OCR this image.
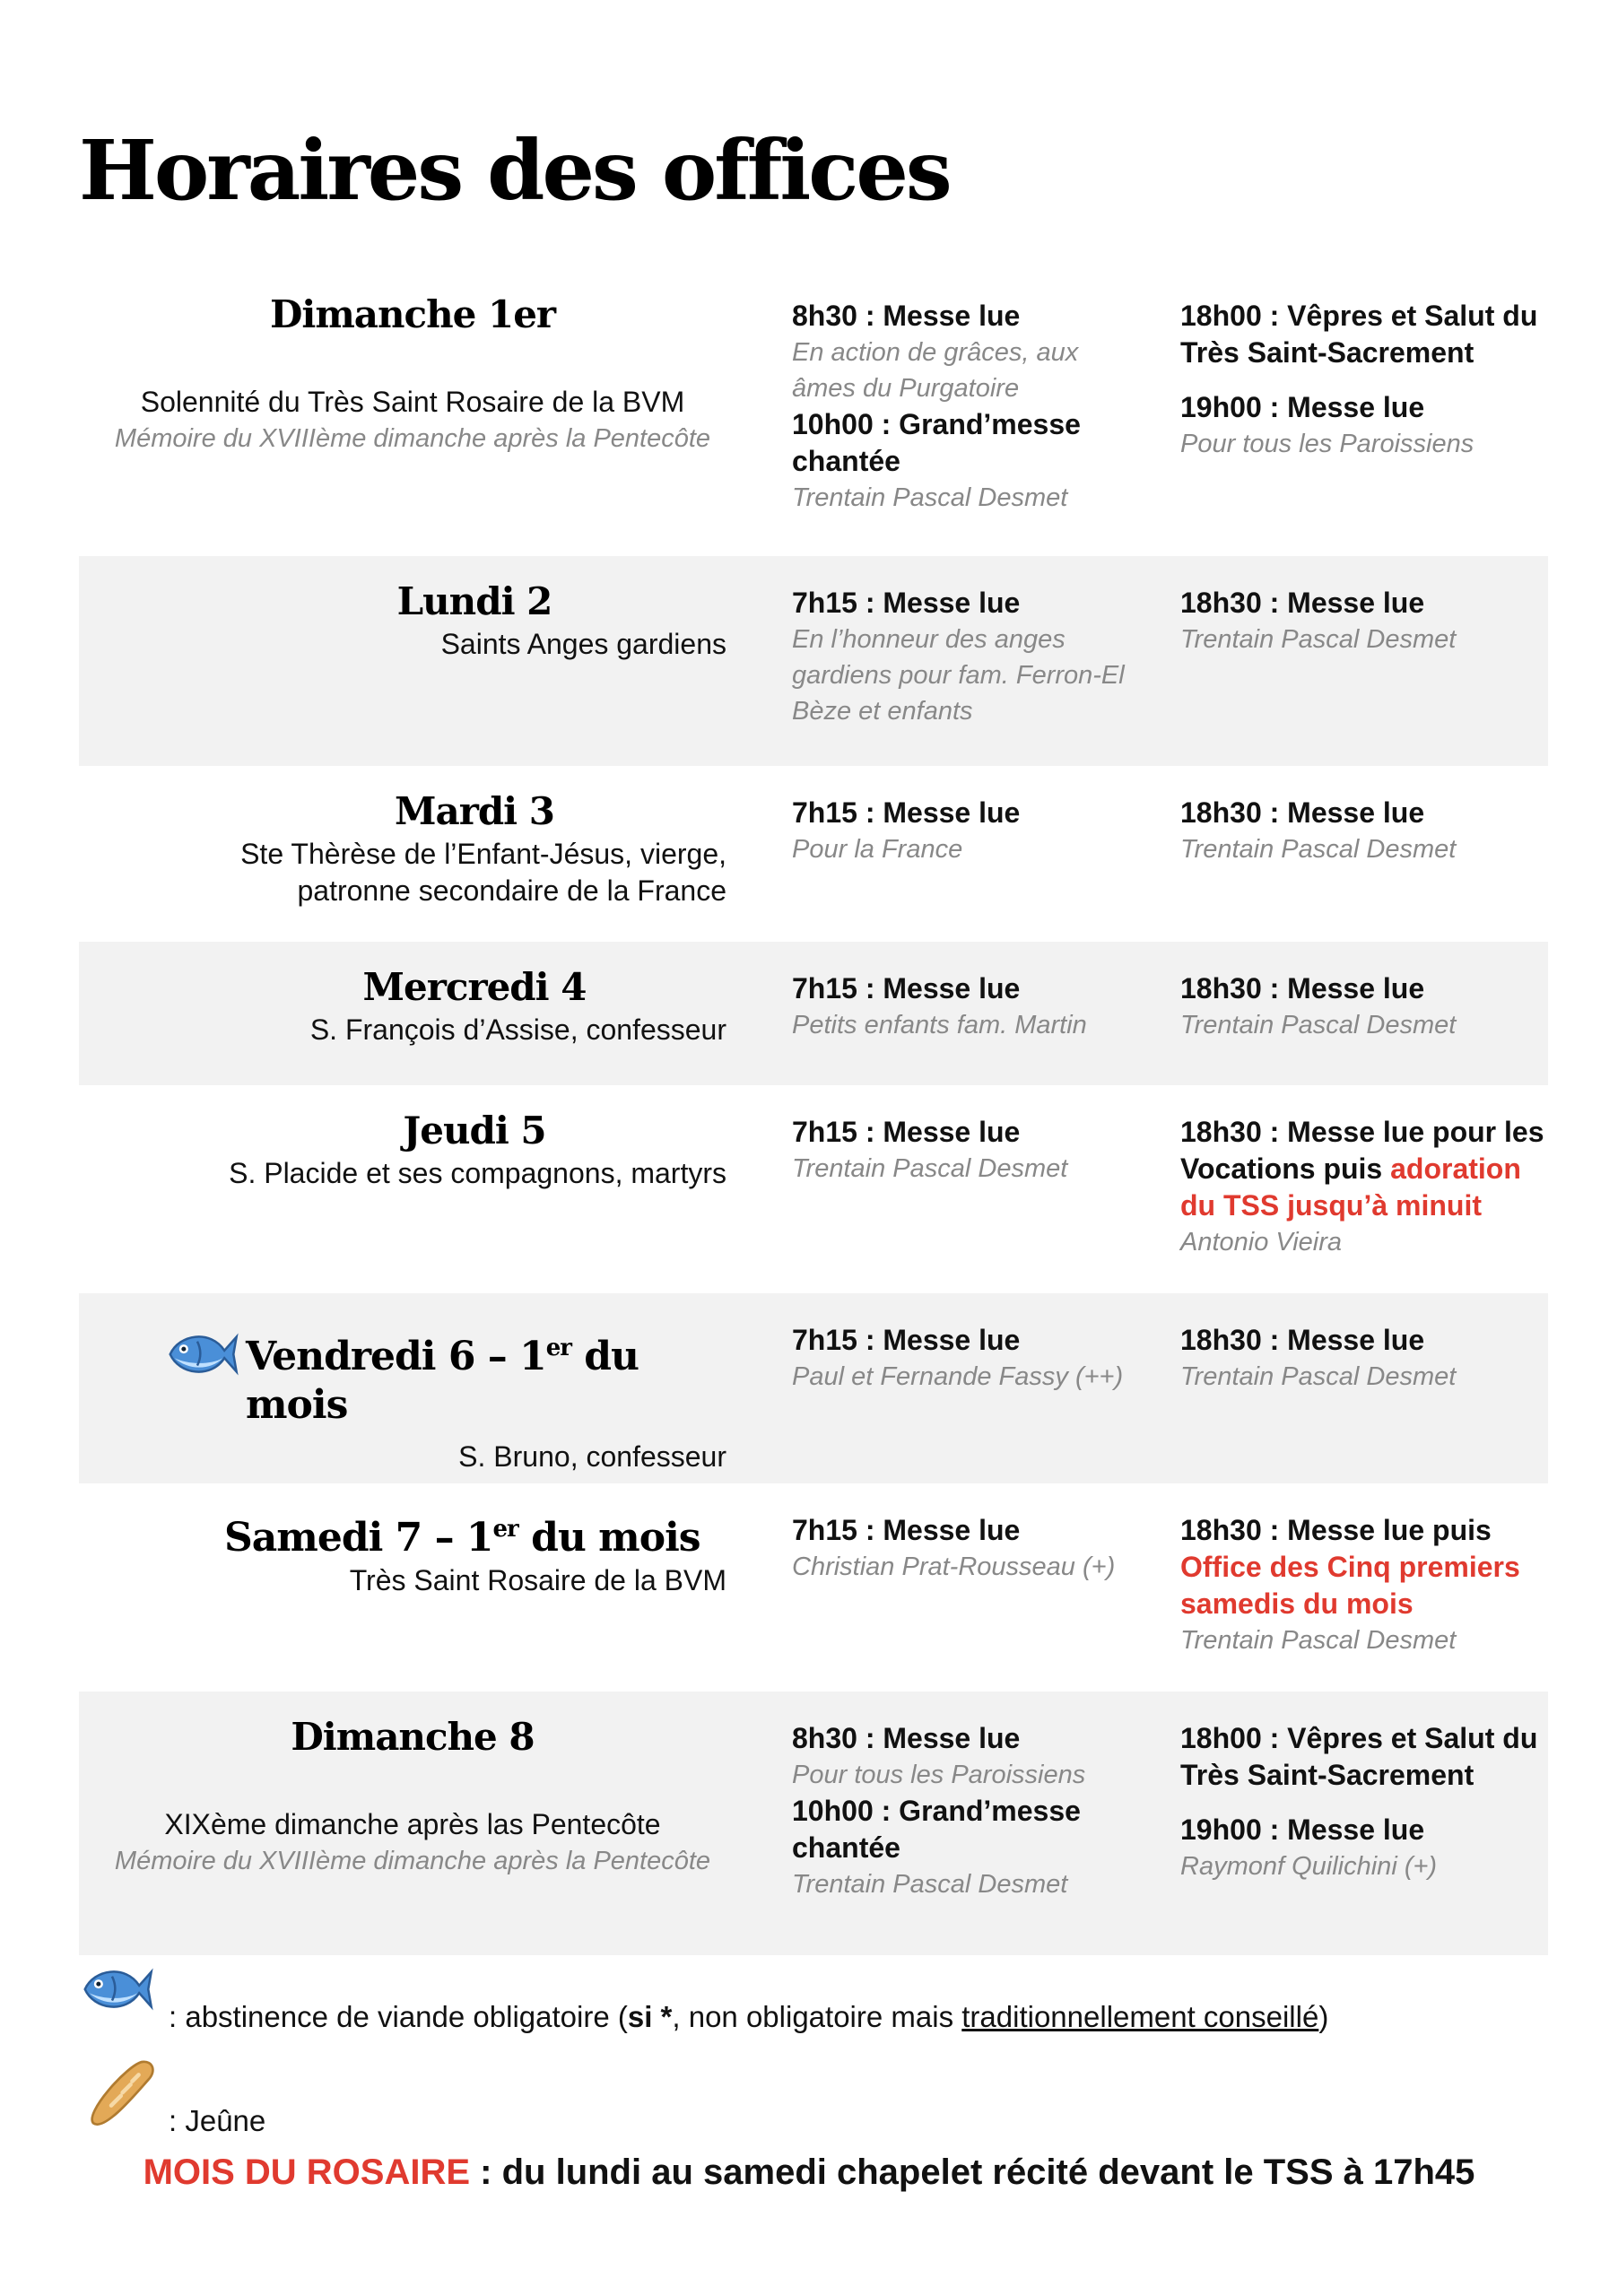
Horaires des offices
Dimanche 1er
Solennité du Très Saint Rosaire de la BVM
Mémoire du XVIIIème dimanche après la Pentecôte
8h30 : Messe lue
En action de grâces, aux âmes du Purgatoire
10h00 : Grand’messe chantée
Trentain Pascal Desmet
18h00 : Vêpres et Salut du Très Saint-Sacrement
19h00 : Messe lue
Pour tous les Paroissiens
Lundi 2
Saints Anges gardiens
7h15 : Messe lue
En l’honneur des anges gardiens pour fam. Ferron-El Bèze et enfants
18h30 : Messe lue
Trentain Pascal Desmet
Mardi 3
Ste Thèrèse de l’Enfant-Jésus, vierge, patronne secondaire de la France
7h15 : Messe lue
Pour la France
18h30 : Messe lue
Trentain Pascal Desmet
Mercredi 4
S. François d’Assise, confesseur
7h15 : Messe lue
Petits enfants fam. Martin
18h30 : Messe lue
Trentain Pascal Desmet
Jeudi 5
S. Placide et ses compagnons, martyrs
7h15 : Messe lue
Trentain Pascal Desmet
18h30 : Messe lue pour les Vocations puis adoration du TSS jusqu’à minuit
Antonio Vieira
Vendredi 6 – 1er du mois
S. Bruno, confesseur
7h15 : Messe lue
Paul et Fernande Fassy (++)
18h30 : Messe lue
Trentain Pascal Desmet
Samedi 7 – 1er du mois
Très Saint Rosaire de la BVM
7h15 : Messe lue
Christian Prat-Rousseau (+)
18h30 : Messe lue puis Office des Cinq premiers samedis du mois
Trentain Pascal Desmet
Dimanche 8
XIXème dimanche après las Pentecôte
Mémoire du XVIIIème dimanche après la Pentecôte
8h30 : Messe lue
Pour tous les Paroissiens
10h00 : Grand’messe chantée
Trentain Pascal Desmet
18h00 : Vêpres et Salut du Très Saint-Sacrement
19h00 : Messe lue
Raymonf Quilichini (+)
: abstinence de viande obligatoire (si *, non obligatoire mais traditionnellement conseillé)
: Jeûne
MOIS DU ROSAIRE : du lundi au samedi chapelet récité devant le TSS à 17h45
